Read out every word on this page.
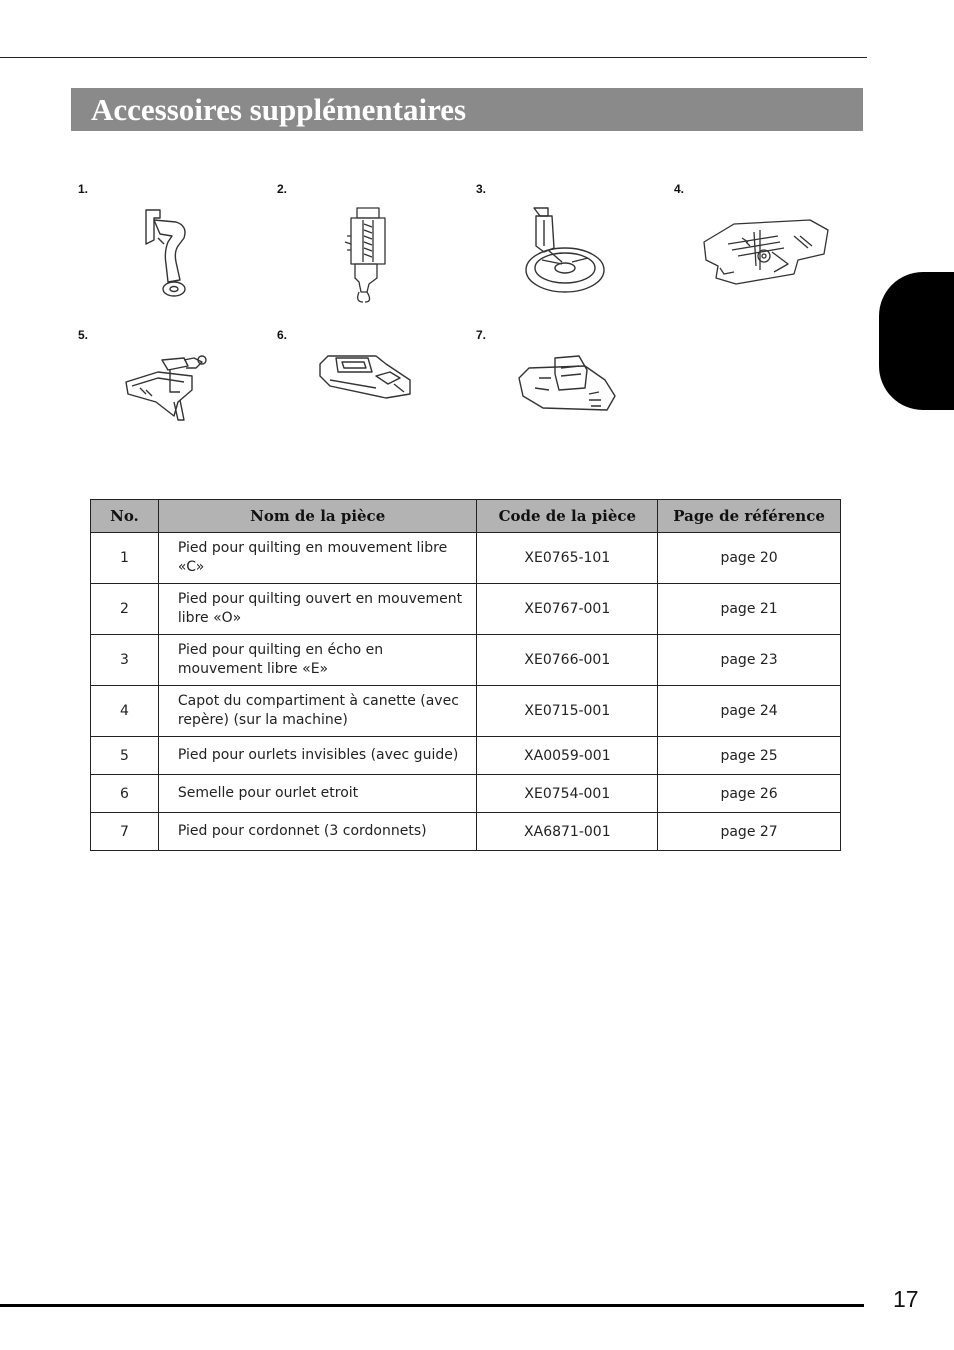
Accessoires supplémentaires
1.	2.	3.	4.
5.	6.	7.
No.	Nom de la pièce	Code de la pièce	Page de référence
1	Pied pour quilting en mouvement libre «C»	XE0765-101	page 20
2	Pied pour quilting ouvert en mouvement libre «O»	XE0767-001	page 21
3	Pied pour quilting en écho en mouvement libre «E»	XE0766-001	page 23
4	Capot du compartiment à canette (avec repère) (sur la machine)	XE0715-001	page 24
5	Pied pour ourlets invisibles (avec guide)	XA0059-001	page 25
6	Semelle pour ourlet etroit	XE0754-001	page 26
7	Pied pour cordonnet (3 cordonnets)	XA6871-001	page 27
17
